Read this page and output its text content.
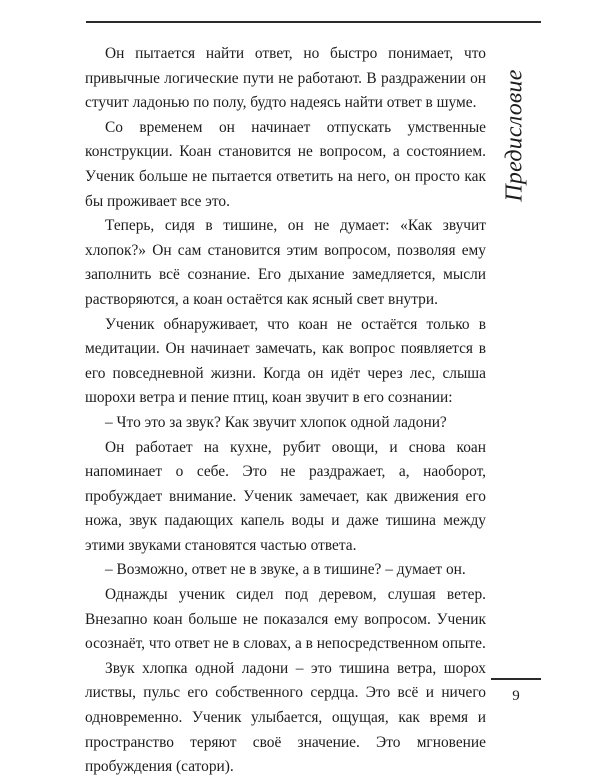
Предисловие

Он пытается найти ответ, но быстро понимает, что привычные логические пути не работают. В раздражении он стучит ладонью по полу, будто надеясь найти ответ в шуме.

Со временем он начинает отпускать умственные конструкции. Коан становится не вопросом, а состоянием. Ученик больше не пытается ответить на него, он просто как бы проживает все это.

Теперь, сидя в тишине, он не думает: «Как звучит хлопок?» Он сам становится этим вопросом, позволяя ему заполнить всё сознание. Его дыхание замедляется, мысли растворяются, а коан остаётся как ясный свет внутри.

Ученик обнаруживает, что коан не остаётся только в медитации. Он начинает замечать, как вопрос появляется в его повседневной жизни. Когда он идёт через лес, слыша шорохи ветра и пение птиц, коан звучит в его сознании:

– Что это за звук? Как звучит хлопок одной ладони?

Он работает на кухне, рубит овощи, и снова коан напоминает о себе. Это не раздражает, а, наоборот, пробуждает внимание. Ученик замечает, как движения его ножа, звук падающих капель воды и даже тишина между этими звуками становятся частью ответа.

– Возможно, ответ не в звуке, а в тишине? – думает он.

Однажды ученик сидел под деревом, слушая ветер. Внезапно коан больше не показался ему вопросом. Ученик осознаёт, что ответ не в словах, а в непосредственном опыте.

Звук хлопка одной ладони – это тишина ветра, шорох листвы, пульс его собственного сердца. Это всё и ничего одновременно. Ученик улыбается, ощущая, как время и пространство теряют своё значение. Это мгновение пробуждения (сатори).

9
